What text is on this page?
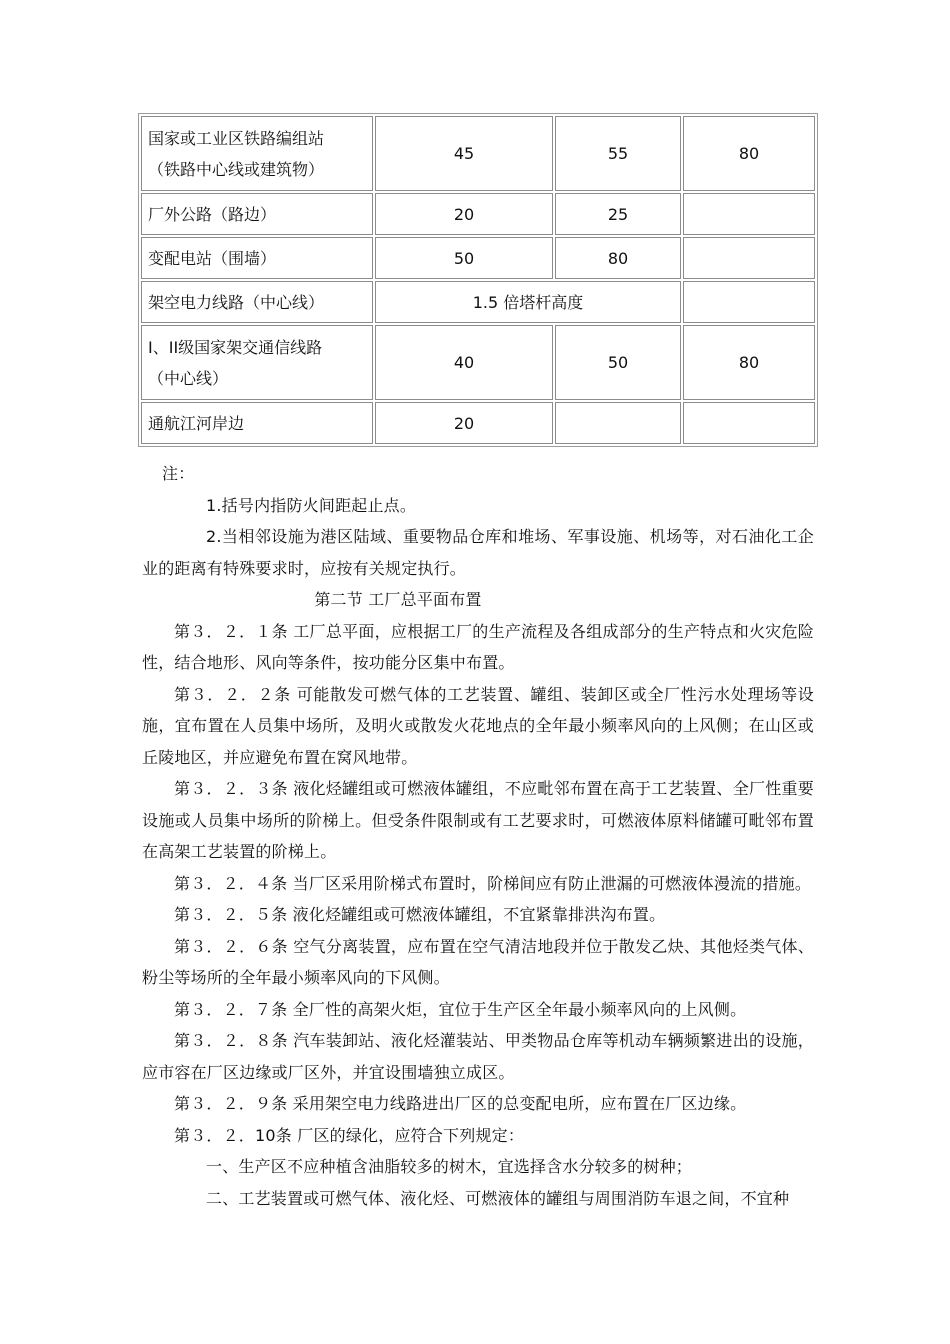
国家或工业区铁路编组站
（铁路中心线或建筑物）	45	55	80

厂外公路（路边）	20	25	

变配电站（围墙）	50	80	

架空电力线路（中心线）	1.5 倍塔杆高度		

I、II级国家架交通信线路
（中心线）	40	50	80

通航江河岸边	20		

注：

1.括号内指防火间距起止点。

2.当相邻设施为港区陆域、重要物品仓库和堆场、军事设施、机场等，对石油化工企业的距离有特殊要求时，应按有关规定执行。

第二节 工厂总平面布置

第３．２．１条 工厂总平面，应根据工厂的生产流程及各组成部分的生产特点和火灾危险性，结合地形、风向等条件，按功能分区集中布置。

第３．２．２条 可能散发可燃气体的工艺装置、罐组、装卸区或全厂性污水处理场等设施，宜布置在人员集中场所，及明火或散发火花地点的全年最小频率风向的上风侧；在山区或丘陵地区，并应避免布置在窝风地带。

第３．２．３条 液化烃罐组或可燃液体罐组，不应毗邻布置在高于工艺装置、全厂性重要设施或人员集中场所的阶梯上。但受条件限制或有工艺要求时，可燃液体原料储罐可毗邻布置在高架工艺装置的阶梯上。

第３．２．４条 当厂区采用阶梯式布置时，阶梯间应有防止泄漏的可燃液体漫流的措施。

第３．２．５条 液化烃罐组或可燃液体罐组，不宜紧靠排洪沟布置。

第３．２．６条 空气分离装置，应布置在空气清洁地段并位于散发乙炔、其他烃类气体、粉尘等场所的全年最小频率风向的下风侧。

第３．２．７条 全厂性的高架火炬，宜位于生产区全年最小频率风向的上风侧。

第３．２．８条 汽车装卸站、液化烃灌装站、甲类物品仓库等机动车辆频繁进出的设施，应市容在厂区边缘或厂区外，并宜设围墙独立成区。

第３．２．９条 采用架空电力线路进出厂区的总变配电所，应布置在厂区边缘。

第３．２．10条 厂区的绿化，应符合下列规定：

一、生产区不应种植含油脂较多的树木，宜选择含水分较多的树种；

二、工艺装置或可燃气体、液化烃、可燃液体的罐组与周围消防车退之间，不宜种
